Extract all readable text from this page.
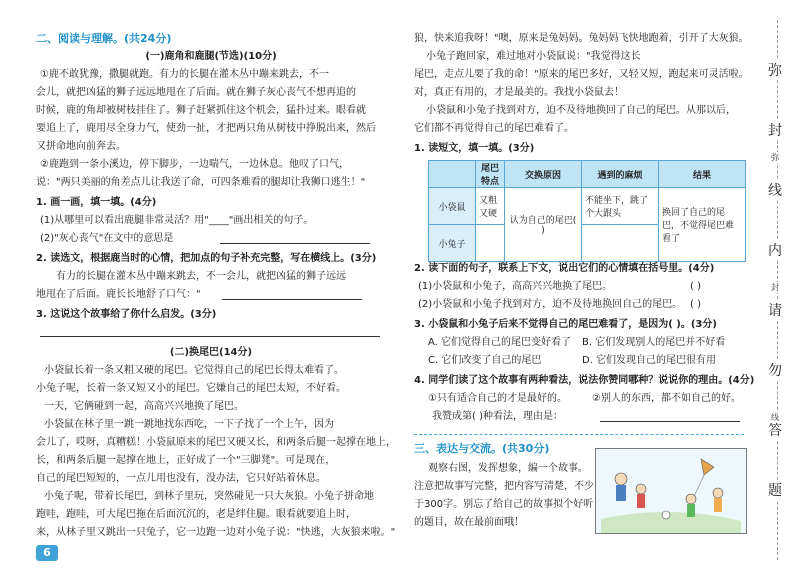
二、阅读与理解。(共24分)
(一)鹿角和鹿腿(节选)(10分)
①鹿不敢犹豫，撒腿就跑。有力的长腿在灌木丛中蹦来跳去，不一
会儿，就把凶猛的狮子远远地甩在了后面。就在狮子灰心丧气不想再追的
时候，鹿的角却被树枝挂住了。狮子赶紧抓住这个机会，猛扑过来。眼看就
要追上了，鹿用尽全身力气，使劲一扯，才把两只角从树枝中挣脱出来，然后
又拼命地向前奔去。
②鹿跑到一条小溪边，停下脚步，一边喘气，一边休息。他叹了口气，
说："两只美丽的角差点儿让我送了命，可四条难看的腿却让我狮口逃生！"
1. 画一画，填一填。(4分)
(1)从哪里可以看出鹿腿非常灵活？用"____"画出相关的句子。
(2)"灰心丧气"在文中的意思是
2. 读选文，根据鹿当时的心情，把加点的句子补充完整，写在横线上。(3分)
有力的长腿在灌木丛中蹦来跳去，不一会儿，就把凶猛的狮子远远
地甩在了后面。鹿长长地舒了口气："
3. 这说这个故事给了你什么启发。(3分)
(二)换尾巴(14分)
小袋鼠长着一条又粗又硬的尾巴。它觉得自己的尾巴长得太难看了。
小兔子呢，长着一条又短又小的尾巴。它嫌自己的尾巴太短，不好看。
一天，它俩碰到一起，高高兴兴地换了尾巴。
小袋鼠在林子里一跳一跳地找东西吃，一下子找了一个上午，因为
会儿了，哎呀，真糟糕！小袋鼠原来的尾巴又硬又长，和两条后腿一起撑在地上，
长，和两条后腿一起撑在地上，正好成了一个"三脚凳"。可是现在，
自己的尾巴短短的，一点儿用也没有，没办法，它只好站着休息。
小兔子呢，带着长尾巴，到林子里玩，突然碰见一只大灰狼。小兔子拼命地
跑哇，跑哇，可大尾巴拖在后面沉沉的，老是绊住腿。眼看就要追上时，
来，从林子里又跳出一只兔子，它一边跑一边对小兔子说："快逃，大灰狼来啦。"
6
狼，快来追我呀！"噢，原来是兔妈妈。兔妈妈飞快地跑着，引开了大灰狼。
小兔子跑回家，难过地对小袋鼠说："我觉得这长
尾巴，走点儿要了我的命！"原来的尾巴多好，又轻又短，跑起来可灵活啦。
对，真正有用的，才是最美的。我找小袋鼠去！
小袋鼠和小兔子找到对方，迫不及待地换回了自己的尾巴。从那以后，
它们都不再觉得自己的尾巴难看了。
1. 读短文，填一填。(3分)
	尾巴特点	交换原因	遇到的麻烦	结果
小袋鼠	又粗又硬	认为自己的尾巴( )	不能坐下，跳了个大跟头	换回了自己的尾巴，不觉得尾巴难看了
小兔子				
2. 读下面的句子，联系上下文，说出它们的心情填在括号里。(4分)
(1)小袋鼠和小兔子，高高兴兴地换了尾巴。	( )
(2)小袋鼠和小兔子找到对方，迫不及待地换回自己的尾巴。 ( )
3. 小袋鼠和小兔子后来不觉得自己的尾巴难看了，是因为( )。(3分)
A. 它们觉得自己的尾巴变好看了 B. 它们发现别人的尾巴并不好看
C. 它们改变了自己的尾巴	D. 它们发现自己的尾巴很有用
4. 同学们读了这个故事有两种看法，说法你赞同哪种？说说你的理由。(4分)
①只有适合自己的才是最好的。	②别人的东西，都不如自己的好。
我赞成第( )种看法，理由是：
三、表达与交流。(共30分)
观察右图，发挥想象，编一个故事。
注意把故事写完整，把内容写清楚，不少
于300字。别忘了给自己的故事拟个好听
的题目，故在最前面哦！
弥
封
线
内
请
勿
答
题
弥
封
线
